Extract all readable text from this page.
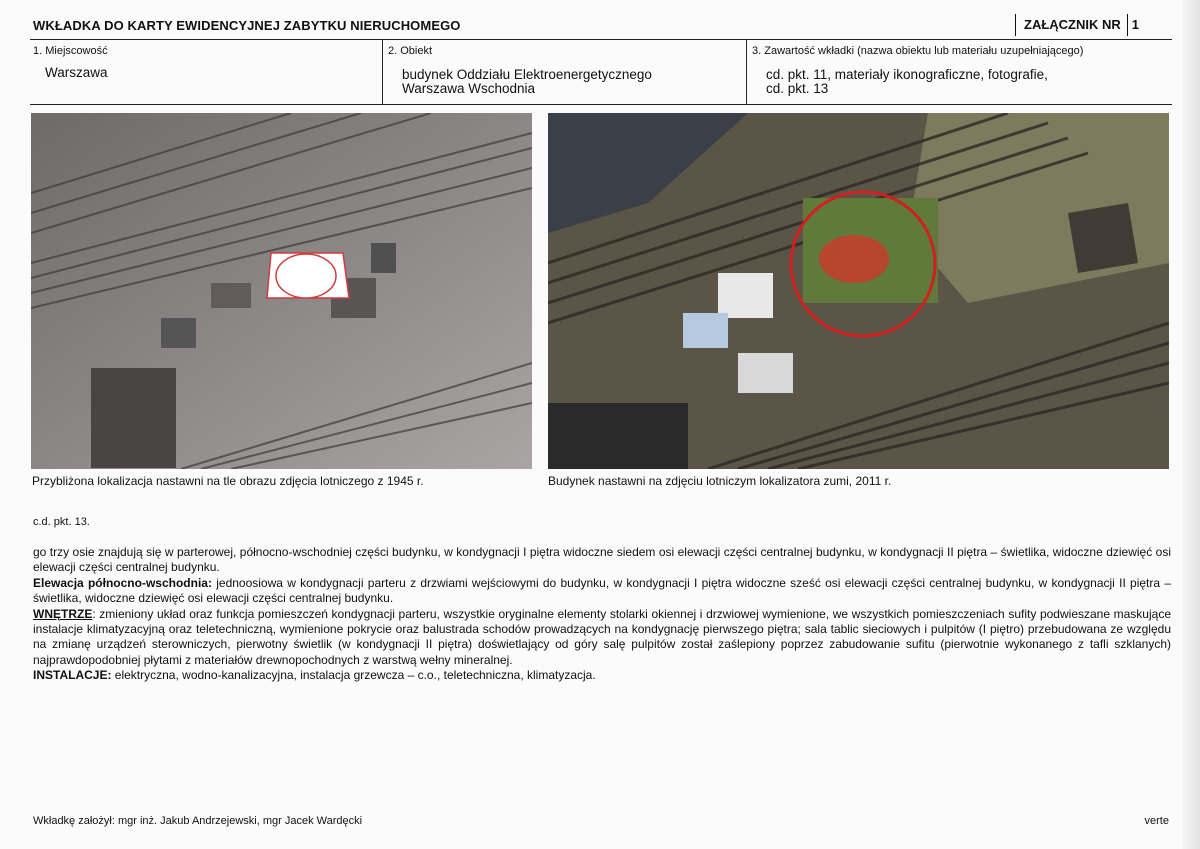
WKŁADKA DO KARTY EWIDENCYJNEJ ZABYTKU NIERUCHOMEGO	ZAŁĄCZNIK NR 1
1. Miejscowość
Warszawa
2. Obiekt
budynek Oddziału Elektroenergetycznego
Warszawa Wschodnia
3. Zawartość wkładki (nazwa obiektu lub materiału uzupełniającego)
cd. pkt. 11, materiały ikonograficzne, fotografie,
cd. pkt. 13
Przybliżona lokalizacja nastawni na tle obrazu zdjęcia lotniczego z 1945 r.	Budynek nastawni na zdjęciu lotniczym lokalizatora zumi, 2011 r.
c.d. pkt. 13.

go trzy osie znajdują się w parterowej, północno-wschodniej części budynku, w kondygnacji I piętra widoczne siedem osi elewacji części centralnej budynku, w kondygnacji II piętra – świetlika, widoczne dziewięć osi elewacji części centralnej budynku.

Elewacja północno-wschodnia: jednoosiowa w kondygnacji parteru z drzwiami wejściowymi do budynku, w kondygnacji I piętra widoczne sześć osi elewacji części centralnej budynku, w kondygnacji II piętra – świetlika, widoczne dziewięć osi elewacji części centralnej budynku.

WNĘTRZE: zmieniony układ oraz funkcja pomieszczeń kondygnacji parteru, wszystkie oryginalne elementy stolarki okiennej i drzwiowej wymienione, we wszystkich pomieszczeniach sufity podwieszane maskujące instalacje klimatyzacyjną oraz teletechniczną, wymienione pokrycie oraz balustrada schodów prowadzących na kondygnację pierwszego piętra; sala tablic sieciowych i pulpitów (I piętro) przebudowana ze względu na zmianę urządzeń sterowniczych, pierwotny świetlik (w kondygnacji II piętra) doświetlający od góry salę pulpitów został zaślepiony poprzez zabudowanie sufitu (pierwotnie wykonanego z tafli szklanych) najprawdopodobniej płytami z materiałów drewnopochodnych z warstwą wełny mineralnej.

INSTALACJE: elektryczna, wodno-kanalizacyjna, instalacja grzewcza – c.o., teletechniczna, klimatyzacja.

Wkładkę założył: mgr inż. Jakub Andrzejewski, mgr Jacek Wardęcki	verte
